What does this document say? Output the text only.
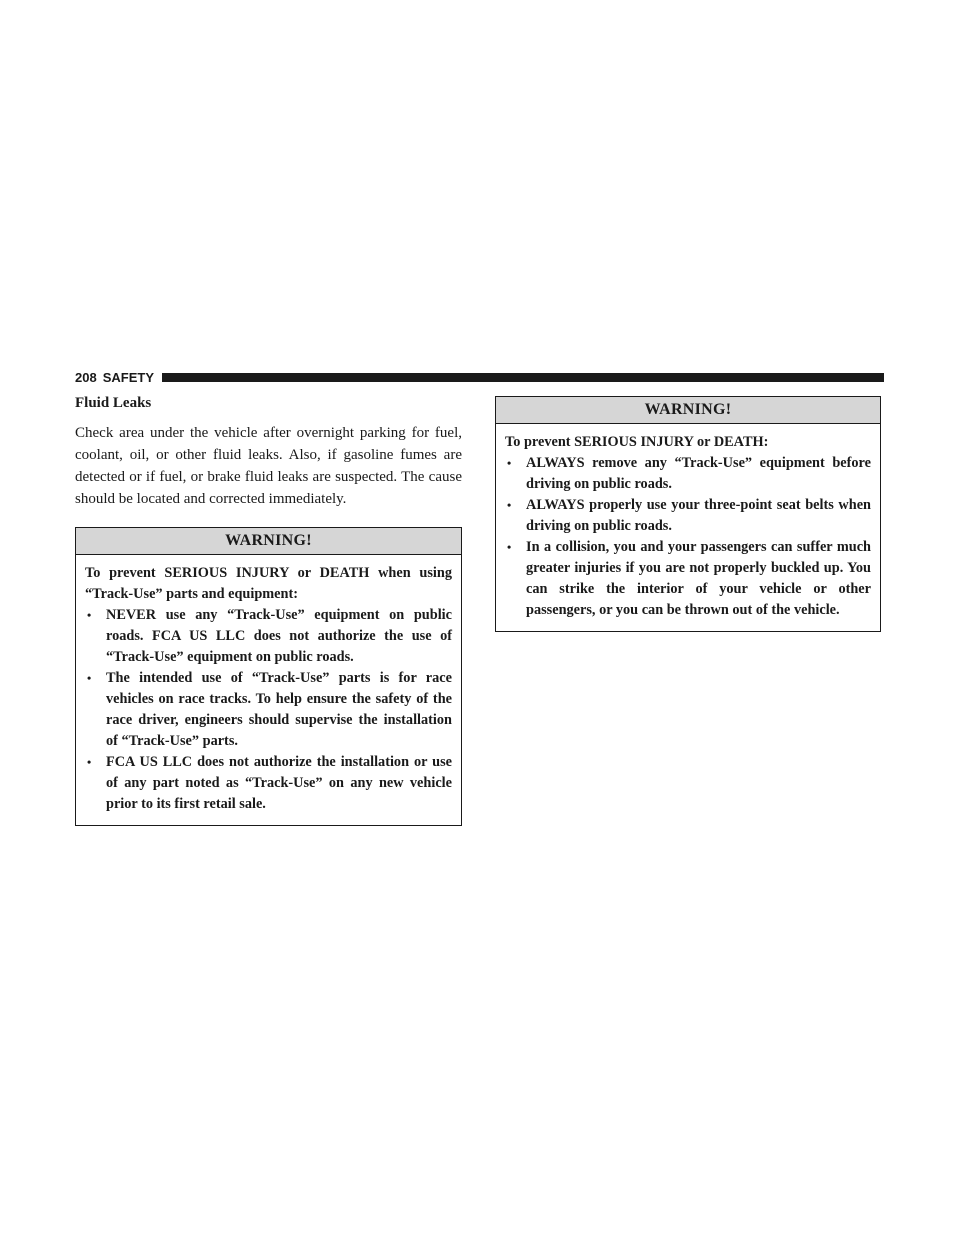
208 SAFETY
Fluid Leaks

Check area under the vehicle after overnight parking for fuel, coolant, oil, or other fluid leaks. Also, if gasoline fumes are detected or if fuel, or brake fluid leaks are suspected. The cause should be located and corrected immediately.

WARNING!

To prevent SERIOUS INJURY or DEATH when using “Track-Use” parts and equipment:

• NEVER use any “Track-Use” equipment on public roads. FCA US LLC does not authorize the use of “Track-Use” equipment on public roads.
• The intended use of “Track-Use” parts is for race vehicles on race tracks. To help ensure the safety of the race driver, engineers should supervise the installation of “Track-Use” parts.
• FCA US LLC does not authorize the installation or use of any part noted as “Track-Use” on any new vehicle prior to its first retail sale.
WARNING!

To prevent SERIOUS INJURY or DEATH:

• ALWAYS remove any “Track-Use” equipment before driving on public roads.
• ALWAYS properly use your three-point seat belts when driving on public roads.
• In a collision, you and your passengers can suffer much greater injuries if you are not properly buckled up. You can strike the interior of your vehicle or other passengers, or you can be thrown out of the vehicle.
